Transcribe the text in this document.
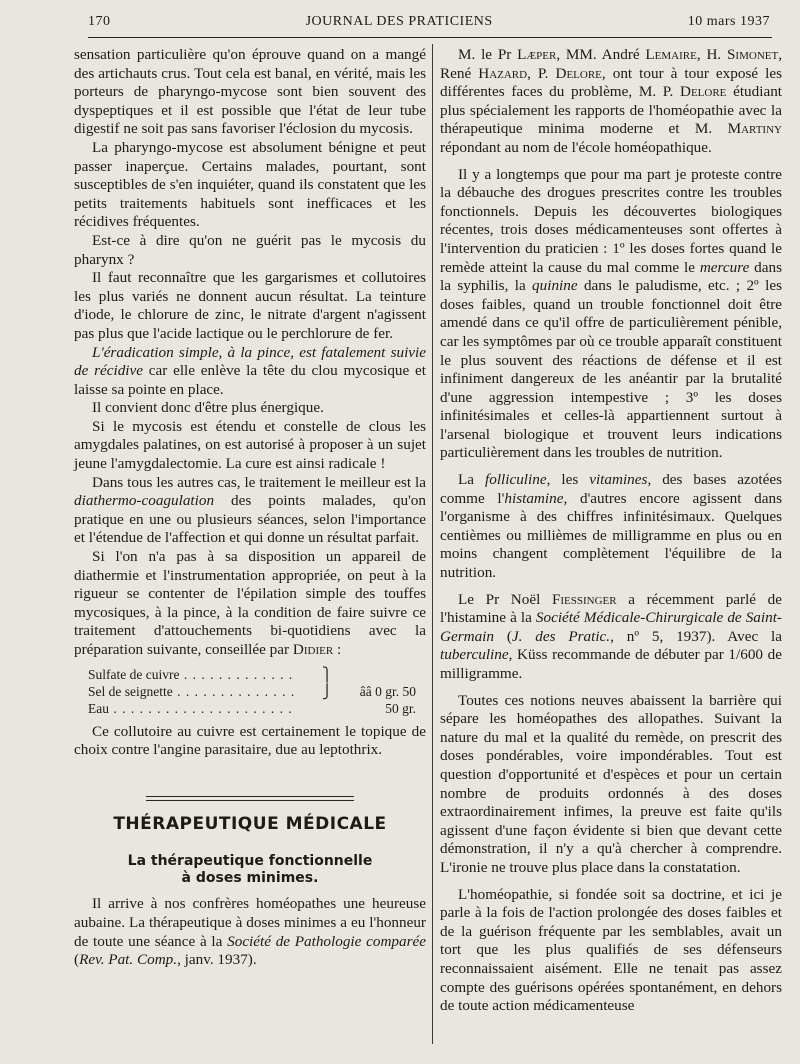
170	JOURNAL DES PRATICIENS	10 mars 1937

sensation particulière qu'on éprouve quand on a mangé des artichauts crus. Tout cela est banal, en vérité, mais les porteurs de pharyngo-mycose sont bien souvent des dyspeptiques et il est possible que l'état de leur tube digestif ne soit pas sans favoriser l'éclosion du mycosis.

La pharyngo-mycose est absolument bénigne et peut passer inaperçue. Certains malades, pourtant, sont susceptibles de s'en inquiéter, quand ils constatent que les petits traitements habituels sont inefficaces et les récidives fréquentes.

Est-ce à dire qu'on ne guérit pas le mycosis du pharynx ?

Il faut reconnaître que les gargarismes et collutoires les plus variés ne donnent aucun résultat. La teinture d'iode, le chlorure de zinc, le nitrate d'argent n'agissent pas plus que l'acide lactique ou le perchlorure de fer.

L'éradication simple, à la pince, est fatalement suivie de récidive car elle enlève la tête du clou mycosique et laisse sa pointe en place.

Il convient donc d'être plus énergique.

Si le mycosis est étendu et constelle de clous les amygdales palatines, on est autorisé à proposer à un sujet jeune l'amygdalectomie. La cure est ainsi radicale !

Dans tous les autres cas, le traitement le meilleur est la diathermo-coagulation des points malades, qu'on pratique en une ou plusieurs séances, selon l'importance et l'étendue de l'affection et qui donne un résultat parfait.

Si l'on n'a pas à sa disposition un appareil de diathermie et l'instrumentation appropriée, on peut à la rigueur se contenter de l'épilation simple des touffes mycosiques, à la pince, à la condition de faire suivre ce traitement d'attouchements bi-quotidiens avec la préparation suivante, conseillée par Didier :

Sulfate de cuivre . . .	⎫
Sel de seignette . . .	⎭	ââ 0 gr. 50
Eau . . .	50 gr.

Ce collutoire au cuivre est certainement le topique de choix contre l'angine parasitaire, due au leptothrix.

THÉRAPEUTIQUE MÉDICALE
La thérapeutique fonctionnelle
à doses minimes.

Il arrive à nos confrères homéopathes une heureuse aubaine. La thérapeutique à doses minimes a eu l'honneur de toute une séance à la Société de Pathologie comparée (Rev. Pat. Comp., janv. 1937).

M. le Pr Læper, MM. André Lemaire, H. Simonet, René Hazard, P. Delore, ont tour à tour exposé les différentes faces du problème, M. P. Delore étudiant plus spécialement les rapports de l'homéopathie avec la thérapeutique minima moderne et M. Martiny répondant au nom de l'école homéopathique.

Il y a longtemps que pour ma part je proteste contre la débauche des drogues prescrites contre les troubles fonctionnels. Depuis les découvertes biologiques récentes, trois doses médicamenteuses sont offertes à l'intervention du praticien : 1º les doses fortes quand le remède atteint la cause du mal comme le mercure dans la syphilis, la quinine dans le paludisme, etc. ; 2º les doses faibles, quand un trouble fonctionnel doit être amendé dans ce qu'il offre de particulièrement pénible, car les symptômes par où ce trouble apparaît constituent le plus souvent des réactions de défense et il est infiniment dangereux de les anéantir par la brutalité d'une aggression intempestive ; 3º les doses infinitésimales et celles-là appartiennent surtout à l'arsenal biologique et trouvent leurs indications particulièrement dans les troubles de nutrition.

La folliculine, les vitamines, des bases azotées comme l'histamine, d'autres encore agissent dans l'organisme à des chiffres infinitésimaux. Quelques centièmes ou millièmes de milligramme en plus ou en moins changent complètement l'équilibre de la nutrition.

Le Pr Noël Fiessinger a récemment parlé de l'histamine à la Société Médicale-Chirurgicale de Saint-Germain (J. des Pratic., nº 5, 1937). Avec la tuberculine, Küss recommande de débuter par 1/600 de milligramme.

Toutes ces notions neuves abaissent la barrière qui sépare les homéopathes des allopathes. Suivant la nature du mal et la qualité du remède, on prescrit des doses pondérables, voire impondérables. Tout est question d'opportunité et d'espèces et pour un certain nombre de produits ordonnés à des doses extraordinairement infimes, la preuve est faite qu'ils agissent d'une façon évidente si bien que devant cette démonstration, il n'y a qu'à chercher à comprendre. L'ironie ne trouve plus place dans la constatation.

L'homéopathie, si fondée soit sa doctrine, et ici je parle à la fois de l'action prolongée des doses faibles et de la guérison fréquente par les semblables, avait un tort que les plus qualifiés de ses défenseurs reconnaissaient aisément. Elle ne tenait pas assez compte des guérisons opérées spontanément, en dehors de toute action médicamenteuse
